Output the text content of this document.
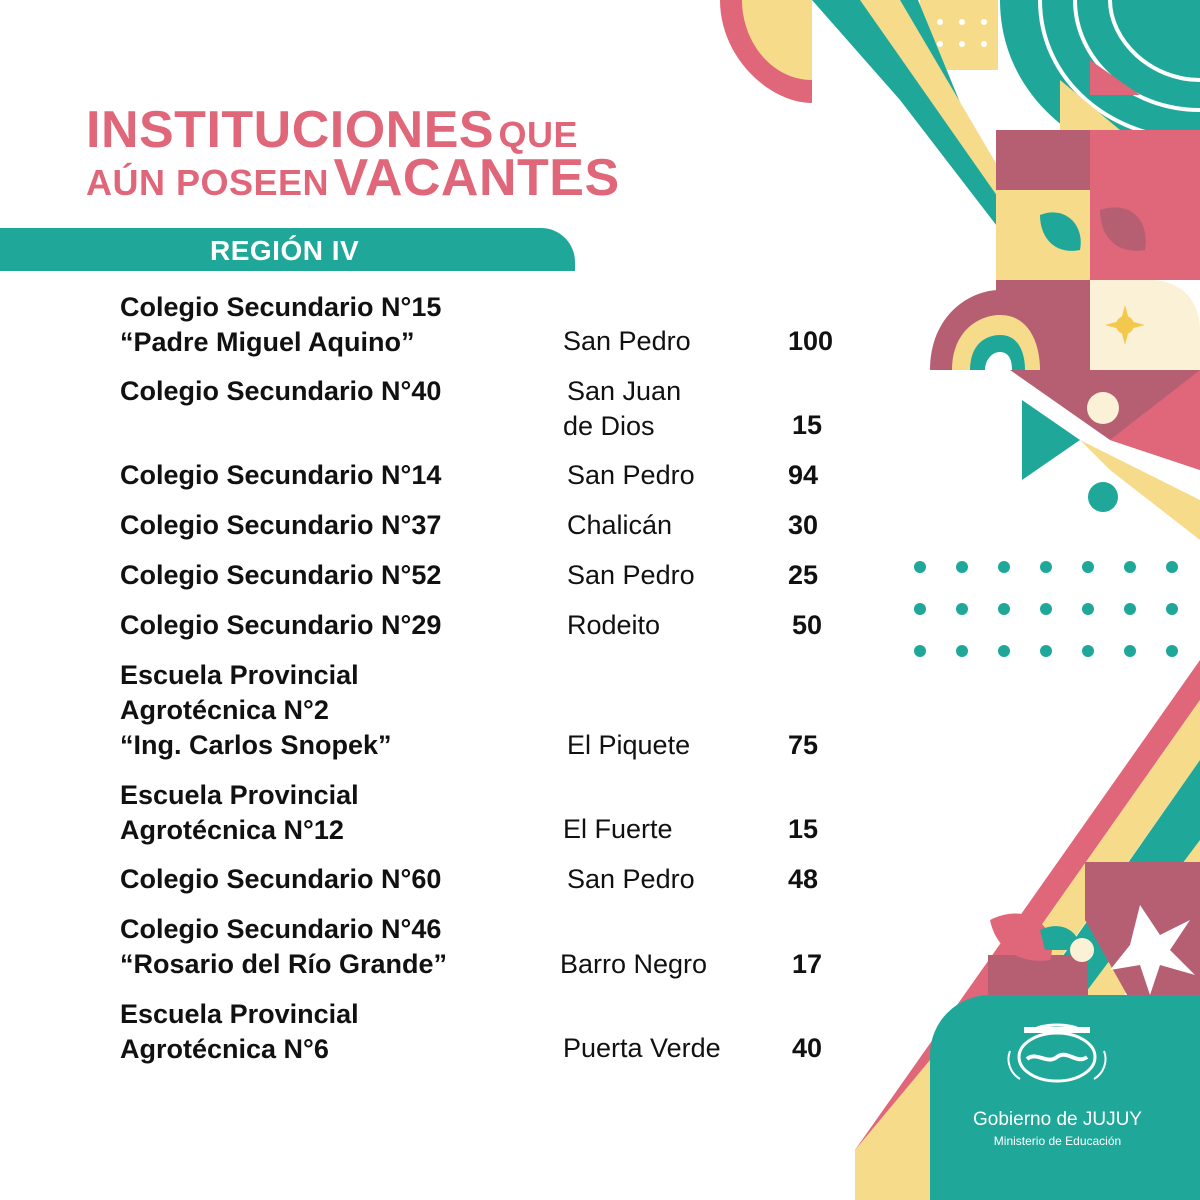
INSTITUCIONES QUE
AÚN POSEEN VACANTES
REGIÓN IV
Colegio Secundario N°15
“Padre Miguel Aquino”	San Pedro	100
Colegio Secundario N°40	San Juan
de Dios	15
Colegio Secundario N°14	San Pedro	94
Colegio Secundario N°37	Chalicán	30
Colegio Secundario N°52	San Pedro	25
Colegio Secundario N°29	Rodeito	50
Escuela Provincial
Agrotécnica N°2
“Ing. Carlos Snopek”	El Piquete	75
Escuela Provincial
Agrotécnica N°12	El Fuerte	15
Colegio Secundario N°60	San Pedro	48
Colegio Secundario N°46
“Rosario del Río Grande”	Barro Negro	17
Escuela Provincial
Agrotécnica N°6	Puerta Verde	40
Gobierno de JUJUY
Ministerio de Educación
